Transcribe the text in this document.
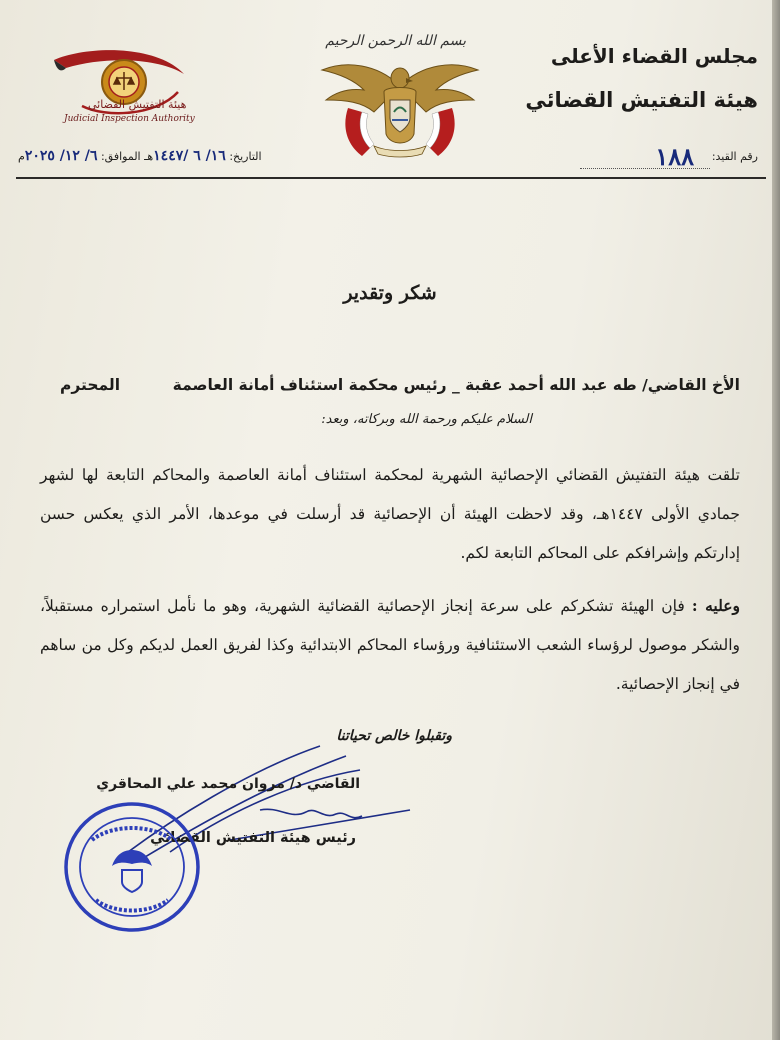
مجلس القضاء الأعلى
هيئة التفتيش القضائي
بسم الله الرحمن الرحيم
هيئة التفتيش القضائي
Judicial Inspection Authority
رقم القيد:
١٨٨
التاريخ: ١٦/ ٦ /١٤٤٧هـ الموافق: ٦/ ١٢/ ٢٠٢٥م
شكر وتقدير
الأخ القاضي/ طه عبد الله أحمد عقبة _ رئيس محكمة استئناف أمانة العاصمة
المحترم
السلام عليكم ورحمة الله وبركاته، وبعد:
تلقت هيئة التفتيش القضائي الإحصائية الشهرية لمحكمة استئناف أمانة العاصمة والمحاكم التابعة لها لشهر جمادي الأولى ١٤٤٧هـ، وقد لاحظت الهيئة أن الإحصائية قد أرسلت في موعدها، الأمر الذي يعكس حسن إدارتكم وإشرافكم على المحاكم التابعة لكم.
وعليه : فإن الهيئة تشكركم على سرعة إنجاز الإحصائية القضائية الشهرية، وهو ما نأمل استمراره مستقبلاً، والشكر موصول لرؤساء الشعب الاستئنافية ورؤساء المحاكم الابتدائية وكذا لفريق العمل لديكم وكل من ساهم في إنجاز الإحصائية.
وتقبلوا خالص تحياتنا
القاضي د/ مروان محمد علي المحاقري
رئيس هيئة التفتيش القضائي
